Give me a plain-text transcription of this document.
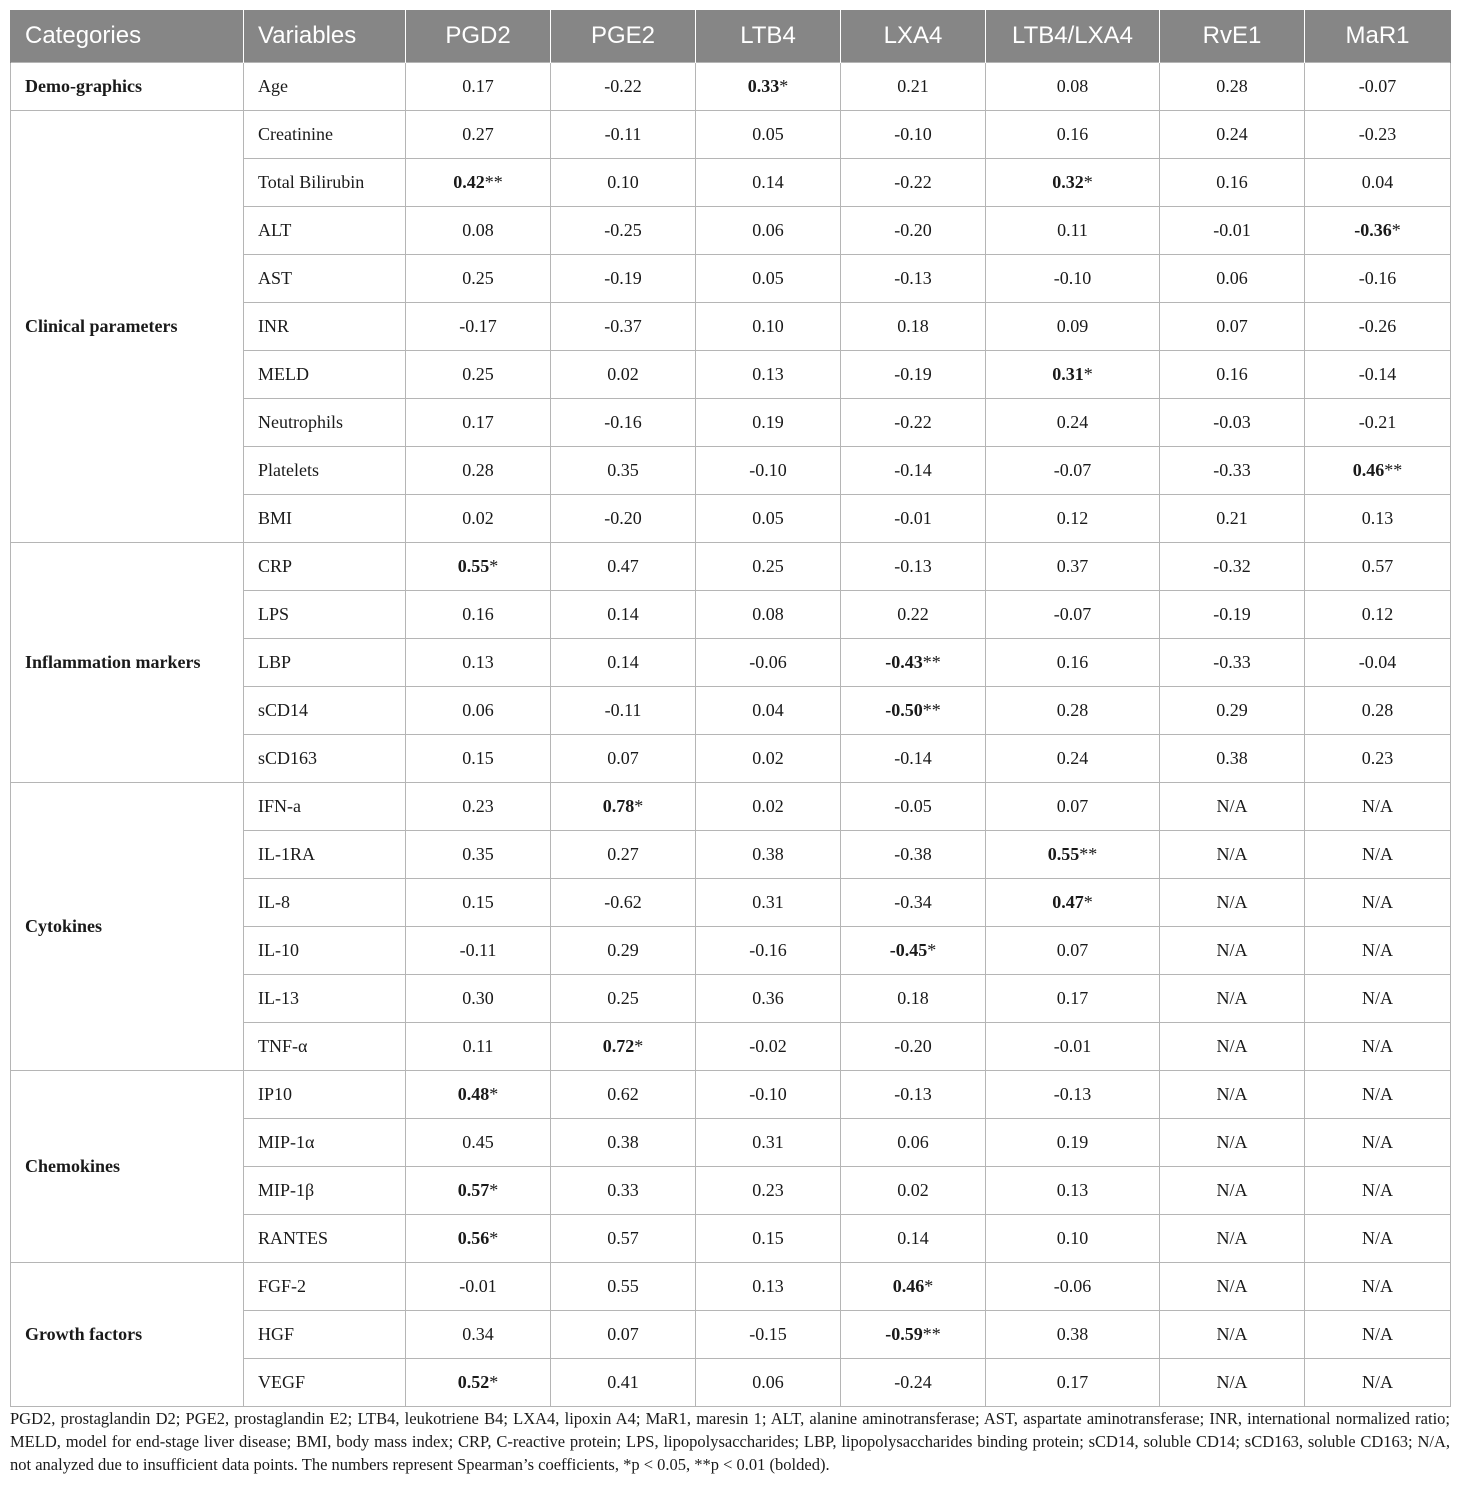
Categories	Variables	PGD2	PGE2	LTB4	LXA4	LTB4/LXA4	RvE1	MaR1
Demo-graphics	Age	0.17	-0.22	0.33 *	0.21	0.08	0.28	-0.07
Clinical parameters	Creatinine	0.27	-0.11	0.05	-0.10	0.16	0.24	-0.23
	Total Bilirubin	0.42 **	0.10	0.14	-0.22	0.32 *	0.16	0.04
	ALT	0.08	-0.25	0.06	-0.20	0.11	-0.01	-0.36 *
	AST	0.25	-0.19	0.05	-0.13	-0.10	0.06	-0.16
	INR	-0.17	-0.37	0.10	0.18	0.09	0.07	-0.26
	MELD	0.25	0.02	0.13	-0.19	0.31 *	0.16	-0.14
	Neutrophils	0.17	-0.16	0.19	-0.22	0.24	-0.03	-0.21
	Platelets	0.28	0.35	-0.10	-0.14	-0.07	-0.33	0.46 **
	BMI	0.02	-0.20	0.05	-0.01	0.12	0.21	0.13
Inflammation markers	CRP	0.55 *	0.47	0.25	-0.13	0.37	-0.32	0.57
	LPS	0.16	0.14	0.08	0.22	-0.07	-0.19	0.12
	LBP	0.13	0.14	-0.06	-0.43 **	0.16	-0.33	-0.04
	sCD14	0.06	-0.11	0.04	-0.50 **	0.28	0.29	0.28
	sCD163	0.15	0.07	0.02	-0.14	0.24	0.38	0.23
Cytokines	IFN-a	0.23	0.78 *	0.02	-0.05	0.07	N/A	N/A
	IL-1RA	0.35	0.27	0.38	-0.38	0.55 **	N/A	N/A
	IL-8	0.15	-0.62	0.31	-0.34	0.47 *	N/A	N/A
	IL-10	-0.11	0.29	-0.16	-0.45 *	0.07	N/A	N/A
	IL-13	0.30	0.25	0.36	0.18	0.17	N/A	N/A
	TNF-α	0.11	0.72 *	-0.02	-0.20	-0.01	N/A	N/A
Chemokines	IP10	0.48 *	0.62	-0.10	-0.13	-0.13	N/A	N/A
	MIP-1α	0.45	0.38	0.31	0.06	0.19	N/A	N/A
	MIP-1β	0.57 *	0.33	0.23	0.02	0.13	N/A	N/A
	RANTES	0.56 *	0.57	0.15	0.14	0.10	N/A	N/A
Growth factors	FGF-2	-0.01	0.55	0.13	0.46 *	-0.06	N/A	N/A
	HGF	0.34	0.07	-0.15	-0.59 **	0.38	N/A	N/A
	VEGF	0.52 *	0.41	0.06	-0.24	0.17	N/A	N/A

PGD2, prostaglandin D2; PGE2, prostaglandin E2; LTB4, leukotriene B4; LXA4, lipoxin A4; MaR1, maresin 1; ALT, alanine aminotransferase; AST, aspartate aminotransferase; INR, international normalized ratio; MELD, model for end-stage liver disease; BMI, body mass index; CRP, C-reactive protein; LPS, lipopolysaccharides; LBP, lipopolysaccharides binding protein; sCD14, soluble CD14; sCD163, soluble CD163; N/A, not analyzed due to insufficient data points. The numbers represent Spearman’s coefficients, *p < 0.05, **p < 0.01 (bolded).
